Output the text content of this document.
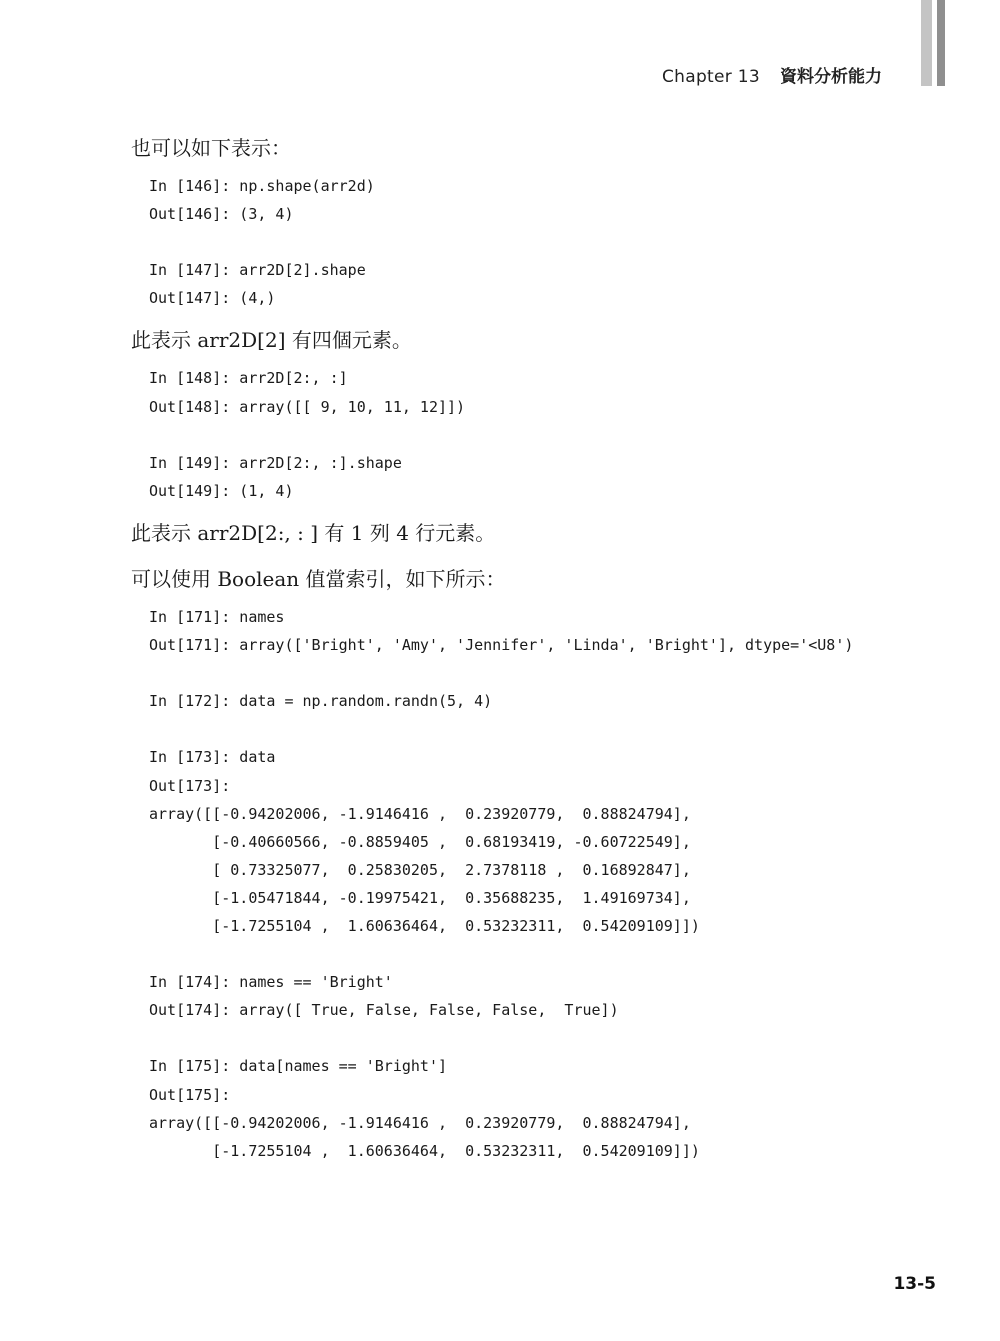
Chapter 13 資料分析能力

也可以如下表示：

In [146]: np.shape(arr2d)
Out[146]: (3, 4)

In [147]: arr2D[2].shape
Out[147]: (4,)

此表示 arr2D[2] 有四個元素。

In [148]: arr2D[2:, :]
Out[148]: array([[ 9, 10, 11, 12]])

In [149]: arr2D[2:, :].shape
Out[149]: (1, 4)

此表示 arr2D[2:, : ] 有 1 列 4 行元素。

可以使用 Boolean 值當索引，如下所示：

In [171]: names
Out[171]: array(['Bright', 'Amy', 'Jennifer', 'Linda', 'Bright'], dtype='<U8')

In [172]: data = np.random.randn(5, 4)

In [173]: data
Out[173]:
array([[-0.94202006, -1.9146416 ,  0.23920779,  0.88824794],
[-0.40660566, -0.8859405 ,  0.68193419, -0.60722549],
[ 0.73325077,  0.25830205,  2.7378118 ,  0.16892847],
[-1.05471844, -0.19975421,  0.35688235,  1.49169734],
[-1.7255104 ,  1.60636464,  0.53232311,  0.54209109]])

In [174]: names == 'Bright'
Out[174]: array([ True, False, False, False,  True])

In [175]: data[names == 'Bright']
Out[175]:
array([[-0.94202006, -1.9146416 ,  0.23920779,  0.88824794],
[-1.7255104 ,  1.60636464,  0.53232311,  0.54209109]])
13-5
